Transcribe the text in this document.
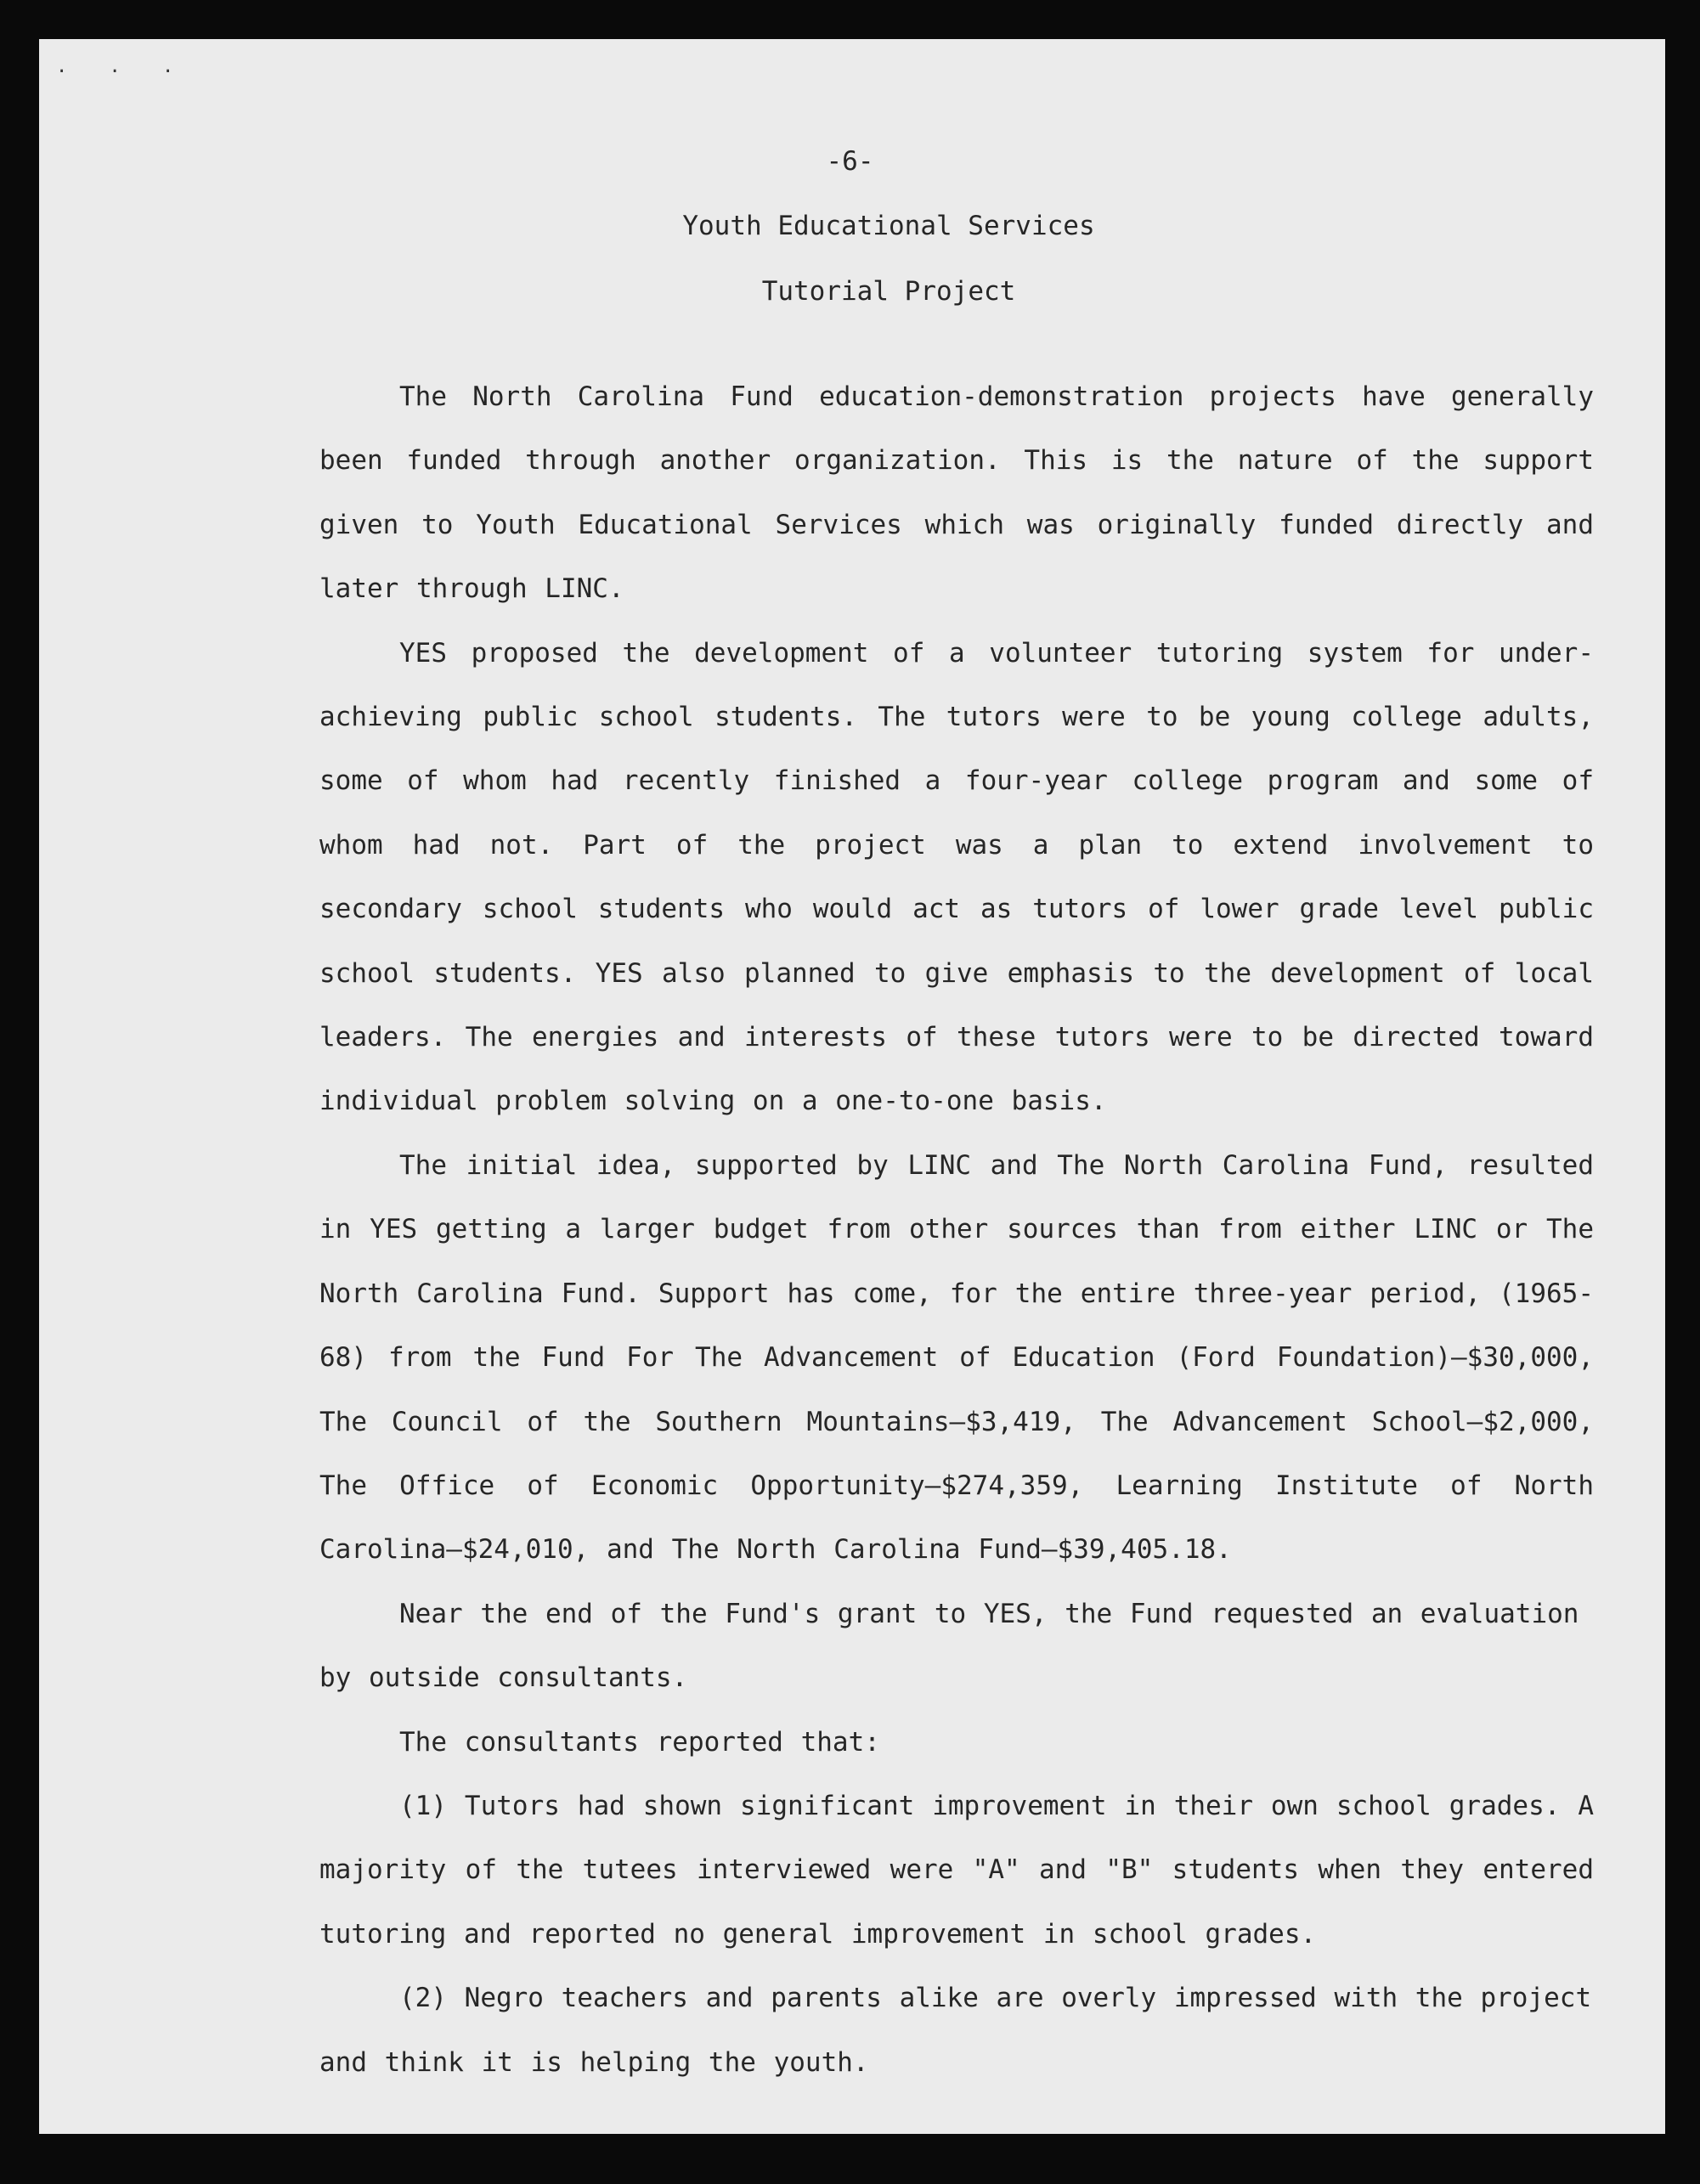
. . .
-6-
Youth Educational Services
Tutorial Project

The North Carolina Fund education-demonstration projects have generally been funded through another organization. This is the nature of the support given to Youth Educational Services which was originally funded directly and later through LINC.

YES proposed the development of a volunteer tutoring system for under-achieving public school students. The tutors were to be young college adults, some of whom had recently finished a four-year college program and some of whom had not. Part of the project was a plan to extend involvement to secondary school students who would act as tutors of lower grade level public school students. YES also planned to give emphasis to the development of local leaders. The energies and interests of these tutors were to be directed toward individual problem solving on a one-to-one basis.

The initial idea, supported by LINC and The North Carolina Fund, resulted in YES getting a larger budget from other sources than from either LINC or The North Carolina Fund. Support has come, for the entire three-year period, (1965-68) from the Fund For The Advancement of Education (Ford Foundation)—$30,000, The Council of the Southern Mountains—$3,419, The Advancement School—$2,000, The Office of Economic Opportunity—$274,359, Learning Institute of North Carolina—$24,010, and The North Carolina Fund—$39,405.18.

Near the end of the Fund's grant to YES, the Fund requested an evaluation by outside consultants.

The consultants reported that:

(1) Tutors had shown significant improvement in their own school grades. A majority of the tutees interviewed were "A" and "B" students when they entered tutoring and reported no general improvement in school grades.

(2) Negro teachers and parents alike are overly impressed with the project and think it is helping the youth.
